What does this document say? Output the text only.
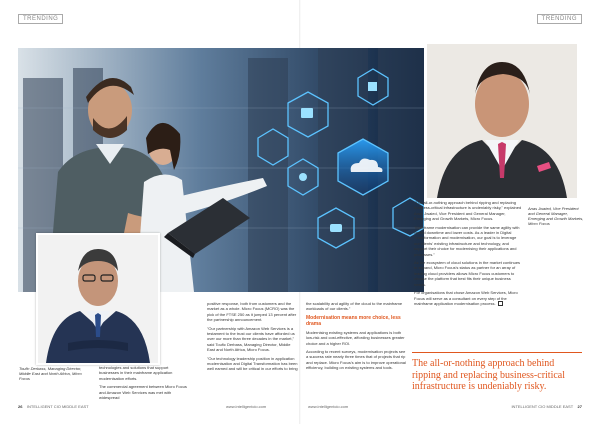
TRENDING	TRENDING
Anas Jwaied, Vice President and General Manager, Emerging and Growth Markets, Micro Focus
Toufic Derbass, Managing Director, Middle East and North Africa, Micro Focus

technologies and solutions that support businesses in their mainframe application modernisation efforts.

The commercial agreement between Micro Focus and Amazon Web Services was met with widespread

positive response, both from customers and the market as a whole. Micro Focus (MCRO) was the pick of the FTSE 250 as it jumped 13 percent after the partnership announcement.

"Our partnership with Amazon Web Services is a testament to the trust our clients have afforded us over our more than three decades in the market," said Toufic Derbass, Managing Director, Middle East and North Africa, Micro Focus.

"Our technology leadership position in application modernisation and Digital Transformation has been well earned and will be critical in our efforts to bring

the scalability and agility of the cloud to the mainframe workloads of our clients."

Modernisation means more choice, less drama

Modernising existing systems and applications is both low-risk and cost-effective, affording businesses greater choice and a higher ROI.

According to recent surveys, modernisation projects see a success rate nearly three times that of projects that rip and replace. Micro Focus's aim is to improve operational efficiency, building on existing systems and tools.

"The all-or-nothing approach behind ripping and replacing business-critical infrastructure is undeniably risky," explained Anas Jwaied, Vice President and General Manager, Emerging and Growth Markets, Micro Focus.

"Mainframe modernisation can provide the same agility with limited downtime and lower costs. As a leader in Digital Transformation and modernisation, our goal is to leverage our clients' existing infrastructure and technology, and support their choice for modernising their applications and processes."

As the ecosystem of cloud solutions in the market continues to expand, Micro Focus's status as partner for an array of leading cloud providers allows Micro Focus customers to choose the platform that best fits their unique business needs.

For organisations that chose Amazon Web Services, Micro Focus will serve as a consultant on every step of the mainframe application modernisation process.

The all-or-nothing approach behind ripping and replacing business-critical infrastructure is undeniably risky.
26 INTELLIGENT CIO MIDDLE EAST	www.intelligentcio.com	www.intelligentcio.com	INTELLIGENT CIO MIDDLE EAST 27
